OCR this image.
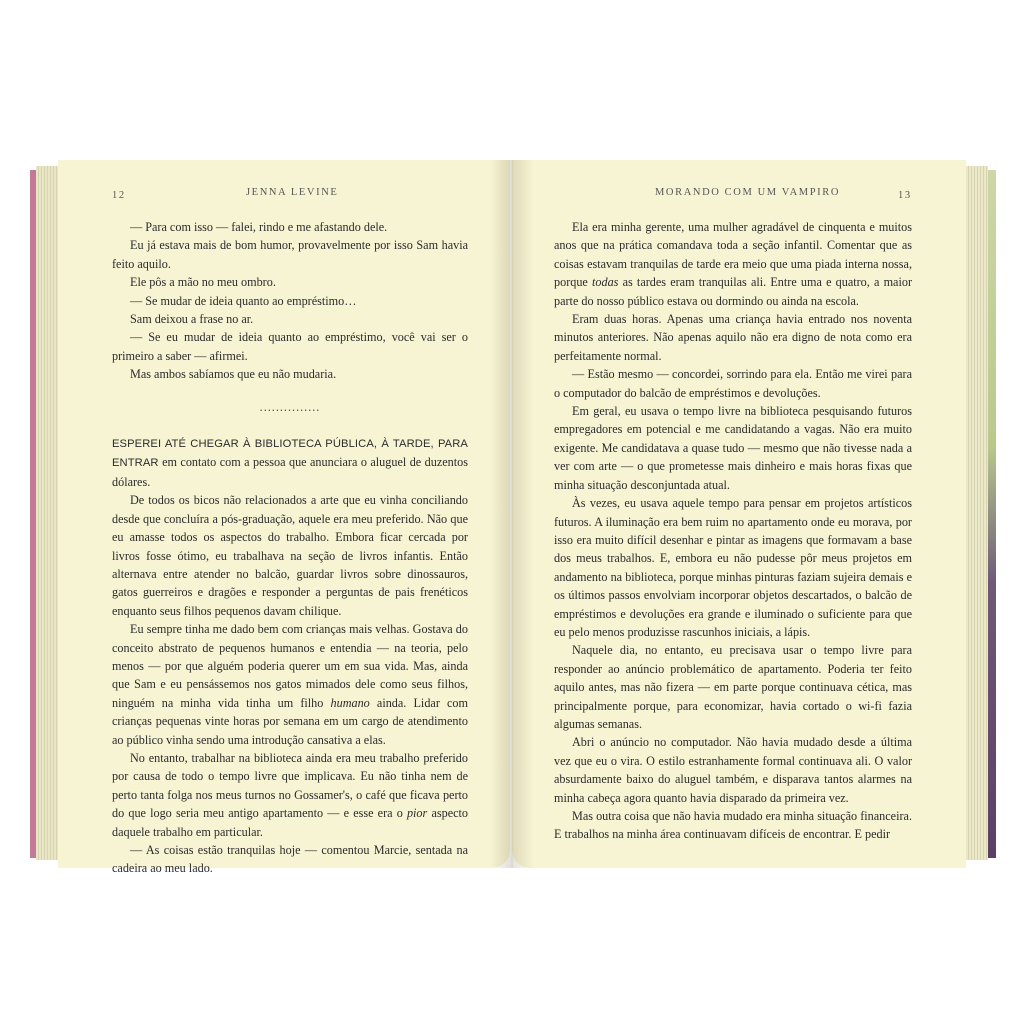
12	JENNA LEVINE

— Para com isso — falei, rindo e me afastando dele.

Eu já estava mais de bom humor, provavelmente por isso Sam havia feito aquilo.

Ele pôs a mão no meu ombro.

— Se mudar de ideia quanto ao empréstimo…

Sam deixou a frase no ar.

— Se eu mudar de ideia quanto ao empréstimo, você vai ser o primeiro a saber — afirmei.

Mas ambos sabíamos que eu não mudaria.

...............

ESPEREI ATÉ CHEGAR À BIBLIOTECA PÚBLICA, À TARDE, PARA ENTRAR em contato com a pessoa que anunciara o aluguel de duzentos dólares.

De todos os bicos não relacionados a arte que eu vinha conciliando desde que concluíra a pós-graduação, aquele era meu preferido. Não que eu amasse todos os aspectos do trabalho. Embora ficar cercada por livros fosse ótimo, eu trabalhava na seção de livros infantis. Então alternava entre atender no balcão, guardar livros sobre dinossauros, gatos guerreiros e dragões e responder a perguntas de pais frenéticos enquanto seus filhos pequenos davam chilique.

Eu sempre tinha me dado bem com crianças mais velhas. Gostava do conceito abstrato de pequenos humanos e entendia — na teoria, pelo menos — por que alguém poderia querer um em sua vida. Mas, ainda que Sam e eu pensássemos nos gatos mimados dele como seus filhos, ninguém na minha vida tinha um filho humano ainda. Lidar com crianças pequenas vinte horas por semana em um cargo de atendimento ao público vinha sendo uma introdução cansativa a elas.

No entanto, trabalhar na biblioteca ainda era meu trabalho preferido por causa de todo o tempo livre que implicava. Eu não tinha nem de perto tanta folga nos meus turnos no Gossamer's, o café que ficava perto do que logo seria meu antigo apartamento — e esse era o pior aspecto daquele trabalho em particular.

— As coisas estão tranquilas hoje — comentou Marcie, sentada na cadeira ao meu lado.

MORANDO COM UM VAMPIRO	13

Ela era minha gerente, uma mulher agradável de cinquenta e muitos anos que na prática comandava toda a seção infantil. Comentar que as coisas estavam tranquilas de tarde era meio que uma piada interna nossa, porque todas as tardes eram tranquilas ali. Entre uma e quatro, a maior parte do nosso público estava ou dormindo ou ainda na escola.

Eram duas horas. Apenas uma criança havia entrado nos noventa minutos anteriores. Não apenas aquilo não era digno de nota como era perfeitamente normal.

— Estão mesmo — concordei, sorrindo para ela. Então me virei para o computador do balcão de empréstimos e devoluções.

Em geral, eu usava o tempo livre na biblioteca pesquisando futuros empregadores em potencial e me candidatando a vagas. Não era muito exigente. Me candidatava a quase tudo — mesmo que não tivesse nada a ver com arte — o que prometesse mais dinheiro e mais horas fixas que minha situação desconjuntada atual.

Às vezes, eu usava aquele tempo para pensar em projetos artísticos futuros. A iluminação era bem ruim no apartamento onde eu morava, por isso era muito difícil desenhar e pintar as imagens que formavam a base dos meus trabalhos. E, embora eu não pudesse pôr meus projetos em andamento na biblioteca, porque minhas pinturas faziam sujeira demais e os últimos passos envolviam incorporar objetos descartados, o balcão de empréstimos e devoluções era grande e iluminado o suficiente para que eu pelo menos produzisse rascunhos iniciais, a lápis.

Naquele dia, no entanto, eu precisava usar o tempo livre para responder ao anúncio problemático de apartamento. Poderia ter feito aquilo antes, mas não fizera — em parte porque continuava cética, mas principalmente porque, para economizar, havia cortado o wi-fi fazia algumas semanas.

Abri o anúncio no computador. Não havia mudado desde a última vez que eu o vira. O estilo estranhamente formal continuava ali. O valor absurdamente baixo do aluguel também, e disparava tantos alarmes na minha cabeça agora quanto havia disparado da primeira vez.

Mas outra coisa que não havia mudado era minha situação financeira. E trabalhos na minha área continuavam difíceis de encontrar. E pedir
